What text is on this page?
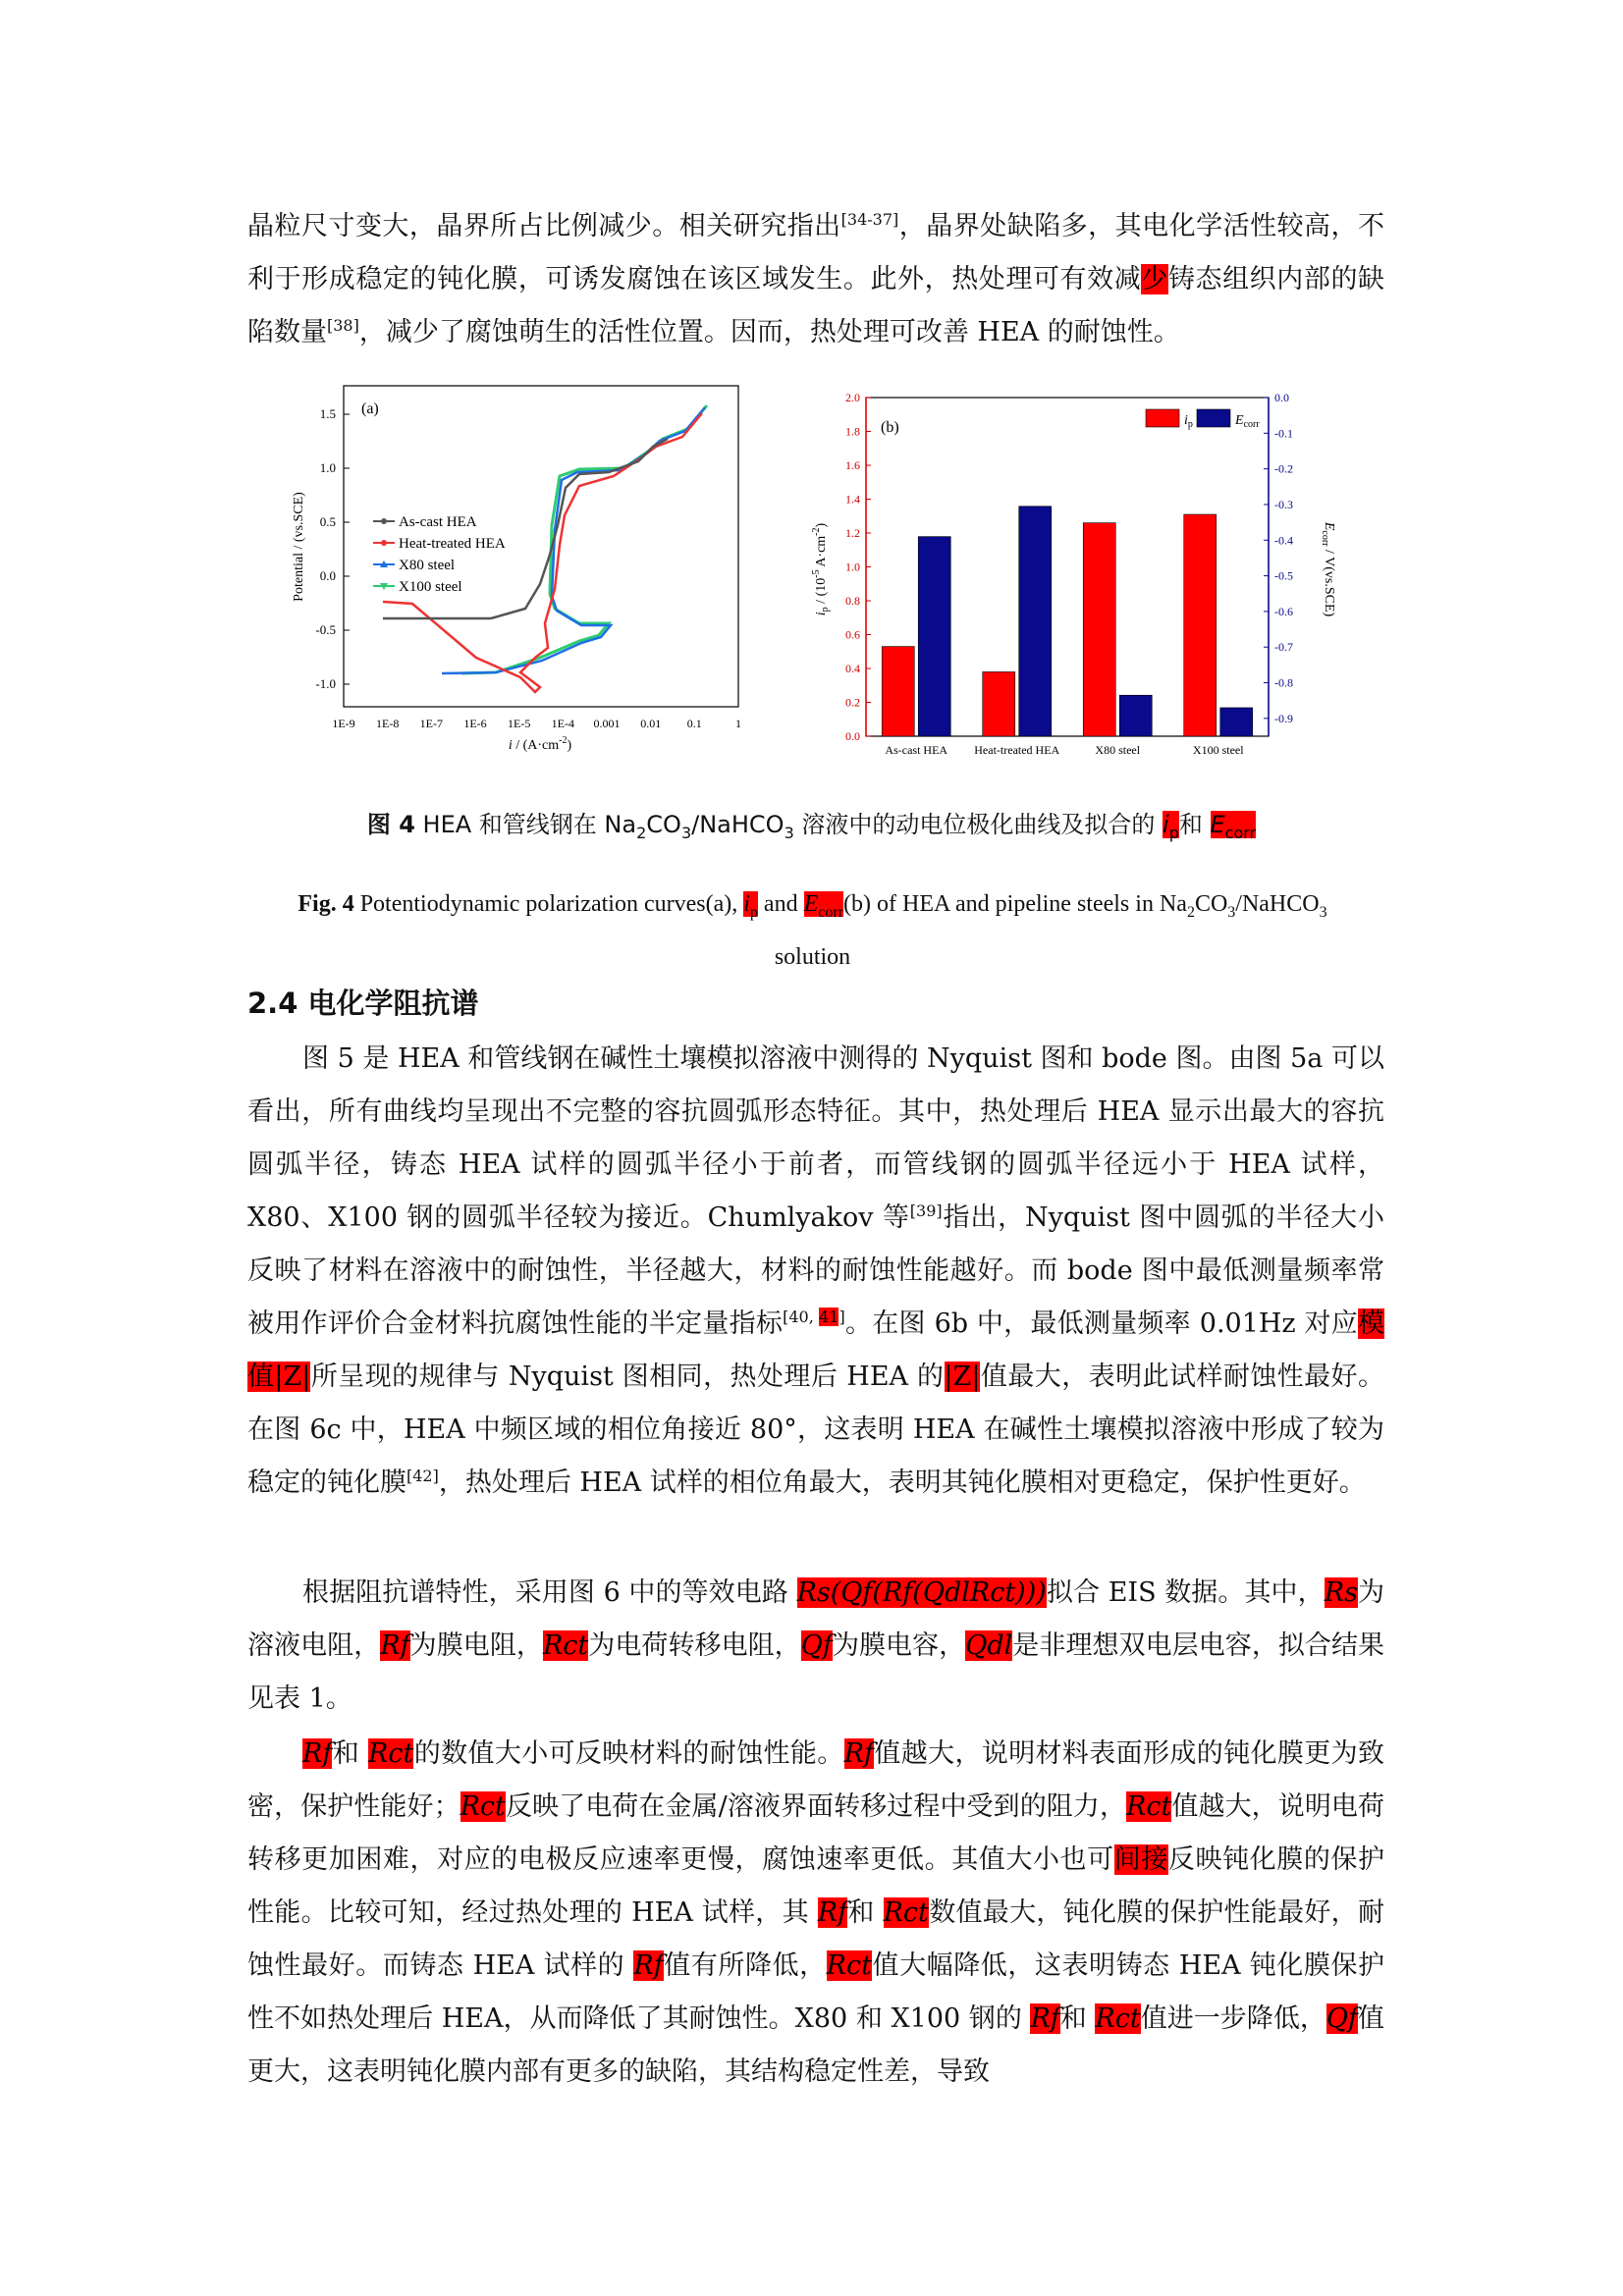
晶粒尺寸变大，晶界所占比例减少。相关研究指出[34-37]，晶界处缺陷多，其电化学活性较高，不利于形成稳定的钝化膜，可诱发腐蚀在该区域发生。此外，热处理可有效减少铸态组织内部的缺陷数量[38]，减少了腐蚀萌生的活性位置。因而，热处理可改善 HEA 的耐蚀性。
(a)
1.5
1.0
0.5
0.0
-0.5
-1.0
1E-9 1E-8 1E-7 1E-6 1E-5 1E-4 0.001 0.01 0.1	1
$i / (A\cdot cm^{-2})$
Potential / (vs.SCE)	As-cast HEA
Heat-treated HEA
X80 steel
X100 steel
(b)
As-cast HEA Heat-treated HEA	X80 steel	X100 steel
0.0
0.2
0.4
0.6
0.8
1.0
1.2
1.4
1.6
1.8
2.0	0.0
-0.1
-0.2
-0.3
-0.4
-0.5
-0.6
-0.7
-0.8
-0.9
$i_p$	$E_{corr}$
$i_p / (10^{-5}$ $A\cdot cm^{-2}$)	$E_{corr} / V(vs.SCE)$
图 4 HEA 和管线钢在 $Na_2CO_3/NaHCO_3$ 溶液中的动电位极化曲线及拟合的 $i_p$和 $E_{corr}$
Fig. 4 Potentiodynamic polarization curves(a), $i_p$ and $E_{corr}(b)$ of HEA and pipeline steels in $Na_2CO_3/NaHCO_3$
solution
2.4 电化学阻抗谱
图 5 是 HEA 和管线钢在碱性土壤模拟溶液中测得的 Nyquist 图和 bode 图。由图 5a 可以看出，所有曲线均呈现出不完整的容抗圆弧形态特征。其中，热处理后 HEA 显示出最大的容抗圆弧半径，铸态 HEA 试样的圆弧半径小于前者，而管线钢的圆弧半径远小于 HEA 试样，X80、X100 钢的圆弧半径较为接近。Chumlyakov 等[39]指出，Nyquist 图中圆弧的半径大小反映了材料在溶液中的耐蚀性，半径越大，材料的耐蚀性能越好。而 bode 图中最低测量频率常被用作评价合金材料抗腐蚀性能的半定量指标[40, 41]。在图 6b 中，最低测量频率 0.01Hz 对应模值|Z|所呈现的规律与 Nyquist 图相同，热处理后 HEA 的|Z|值最大，表明此试样耐蚀性最好。在图 6c 中，HEA 中频区域的相位角接近 80°，这表明 HEA 在碱性土壤模拟溶液中形成了较为稳定的钝化膜[42]，热处理后 HEA 试样的相位角最大，表明其钝化膜相对更稳定，保护性更好。
根据阻抗谱特性，采用图 6 中的等效电路 Rs(Qf(Rf(QdlRct)))拟合 EIS 数据。其中，Rs为溶液电阻，Rf为膜电阻，Rct为电荷转移电阻，Qf为膜电容，Qdl是非理想双电层电容，拟合结果见表 1。
Rf和 Rct的数值大小可反映材料的耐蚀性能。Rf值越大，说明材料表面形成的钝化膜更为致密，保护性能好；Rct反映了电荷在金属/溶液界面转移过程中受到的阻力，Rct值越大，说明电荷转移更加困难，对应的电极反应速率更慢，腐蚀速率更低。其值大小也可间接反映钝化膜的保护性能。比较可知，经过热处理的 HEA 试样，其 Rf和 Rct数值最大，钝化膜的保护性能最好，耐蚀性最好。而铸态 HEA 试样的 Rf值有所降低，Rct值大幅降低，这表明铸态 HEA 钝化膜保护性不如热处理后 HEA，从而降低了其耐蚀性。X80 和 X100 钢的 Rf和 Rct值进一步降低，Qf值更大，这表明钝化膜内部有更多的缺陷，其结构稳定性差，导致
